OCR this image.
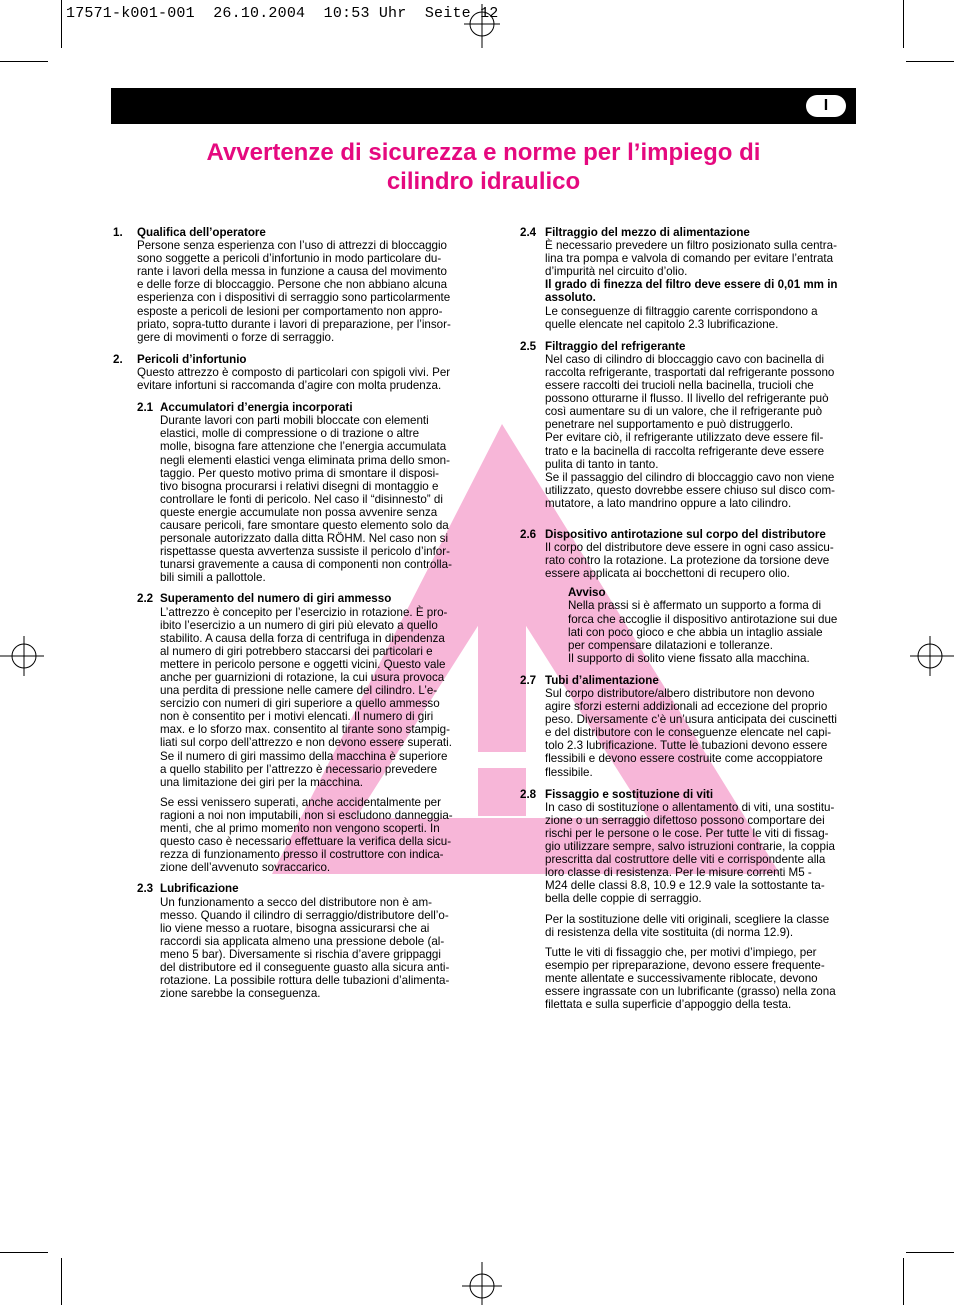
17571-k001-001  26.10.2004  10:53 Uhr  Seite 12
I
Avvertenze di sicurezza e norme per l’impiego di
cilindro idraulico
1.	Qualifica dell’operatore
Persone senza esperienza con l’uso di attrezzi di bloccaggio
sono soggette a pericoli d’infortunio in modo particolare du-
rante i lavori della messa in funzione a causa del movimento
e delle forze di bloccaggio. Persone che non abbiano alcuna
esperienza con i dispositivi di serraggio sono particolarmente
esposte a pericoli de lesioni per comportamento non appro-
priato, sopra-tutto durante i lavori di preparazione, per l’insor-
gere di movimenti o forze di serraggio.
2.	Pericoli d’infortunio
Questo attrezzo è composto di particolari con spigoli vivi. Per
evitare infortuni si raccomanda d’agire con molta prudenza.
2.1 Accumulatori d’energia incorporati
Durante lavori con parti mobili bloccate con elementi
elastici, molle di compressione o di trazione o altre
molle, bisogna fare attenzione che l’energia accumulata
negli elementi elastici venga eliminata prima dello smon-
taggio. Per questo motivo prima di smontare il disposi-
tivo bisogna procurarsi i relativi disegni di montaggio e
controllare le fonti di pericolo. Nel caso il “disinnesto” di
queste energie accumulate non possa avvenire senza
causare pericoli, fare smontare questo elemento solo da
personale autorizzato dalla ditta RÖHM. Nel caso non si
rispettasse questa avvertenza sussiste il pericolo d’infor-
tunarsi gravemente a causa di componenti non controlla-
bili simili a pallottole.
2.2 Superamento del numero di giri ammesso
L’attrezzo è concepito per l’esercizio in rotazione. È pro-
ibito l’esercizio a un numero di giri più elevato a quello
stabilito. A causa della forza di centrifuga in dipendenza
al numero di giri potrebbero staccarsi dei particolari e
mettere in pericolo persone e oggetti vicini. Questo vale
anche per guarnizioni di rotazione, la cui usura provoca
una perdita di pressione nelle camere del cilindro. L’e-
sercizio con numeri di giri superiore a quello ammesso
non è consentito per i motivi elencati. Il numero di giri
max. e lo sforzo max. consentito al tirante sono stampig-
liati sul corpo dell’attrezzo e non devono essere superati.
Se il numero di giri massimo della macchina è superiore
a quello stabilito per l’attrezzo è necessario prevedere
una limitazione dei giri per la macchina.
Se essi venissero superati, anche accidentalmente per
ragioni a noi non imputabili, non si escludono danneggia-
menti, che al primo momento non vengono scoperti. In
questo caso è necessario effettuare la verifica della sicu-
rezza di funzionamento presso il costruttore con indica-
zione dell’avvenuto sovraccarico.
2.3 Lubrificazione
Un funzionamento a secco del distributore non è am-
messo. Quando il cilindro di serraggio/distributore dell’o-
lio viene messo a ruotare, bisogna assicurarsi che ai
raccordi sia applicata almeno una pressione debole (al-
meno 5 bar). Diversamente si rischia d’avere grippaggi
del distributore ed il conseguente guasto alla sicura anti-
rotazione. La possibile rottura delle tubazioni d’alimenta-
zione sarebbe la conseguenza.
2.4 Filtraggio del mezzo di alimentazione
È necessario prevedere un filtro posizionato sulla centra-
lina tra pompa e valvola di comando per evitare l’entrata
d’impurità nel circuito d’olio.
Il grado di finezza del filtro deve essere di 0,01 mm in
assoluto.
Le conseguenze di filtraggio carente corrispondono a
quelle elencate nel capitolo 2.3 lubrificazione.
2.5 Filtraggio del refrigerante
Nel caso di cilindro di bloccaggio cavo con bacinella di
raccolta refrigerante, trasportati dal refrigerante possono
essere raccolti dei trucioli nella bacinella, trucioli che
possono otturarne il flusso. Il livello del refrigerante può
così aumentare su di un valore, che il refrigerante può
penetrare nel supportamento e può distruggerlo.
Per evitare ciò, il refrigerante utilizzato deve essere fil-
trato e la bacinella di raccolta refrigerante deve essere
pulita di tanto in tanto.
Se il passaggio del cilindro di bloccaggio cavo non viene
utilizzato, questo dovrebbe essere chiuso sul disco com-
mutatore, a lato mandrino oppure a lato cilindro.
2.6 Dispositivo antirotazione sul corpo del distributore
Il corpo del distributore deve essere in ogni caso assicu-
rato contro la rotazione. La protezione da torsione deve
essere applicata ai bocchettoni di recupero olio.
Avviso
Nella prassi si è affermato un supporto a forma di
forca che accoglie il dispositivo antirotazione sui due
lati con poco gioco e che abbia un intaglio assiale
per compensare dilatazioni e tolleranze.
Il supporto di solito viene fissato alla macchina.
2.7 Tubi d’alimentazione
Sul corpo distributore/albero distributore non devono
agire sforzi esterni addizionali ad eccezione del proprio
peso. Diversamente c’è un’usura anticipata dei cuscinetti
e del distributore con le conseguenze elencate nel capi-
tolo 2.3 lubrificazione. Tutte le tubazioni devono essere
flessibili e devono essere costruite come accoppiatore
flessibile.
2.8 Fissaggio e sostituzione di viti
In caso di sostituzione o allentamento di viti, una sostitu-
zione o un serraggio difettoso possono comportare dei
rischi per le persone o le cose. Per tutte le viti di fissag-
gio utilizzare sempre, salvo istruzioni contrarie, la coppia
prescritta dal costruttore delle viti e corrispondente alla
loro classe di resistenza. Per le misure correnti M5 -
M24 delle classi 8.8, 10.9 e 12.9 vale la sottostante ta-
bella delle coppie di serraggio.
Per la sostituzione delle viti originali, scegliere la classe
di resistenza della vite sostituita (di norma 12.9).
Tutte le viti di fissaggio che, per motivi d’impiego, per
esempio per ripreparazione, devono essere frequente-
mente allentate e successivamente riblocate, devono
essere ingrassate con un lubrificante (grasso) nella zona
filettata e sulla superficie d’appoggio della testa.
